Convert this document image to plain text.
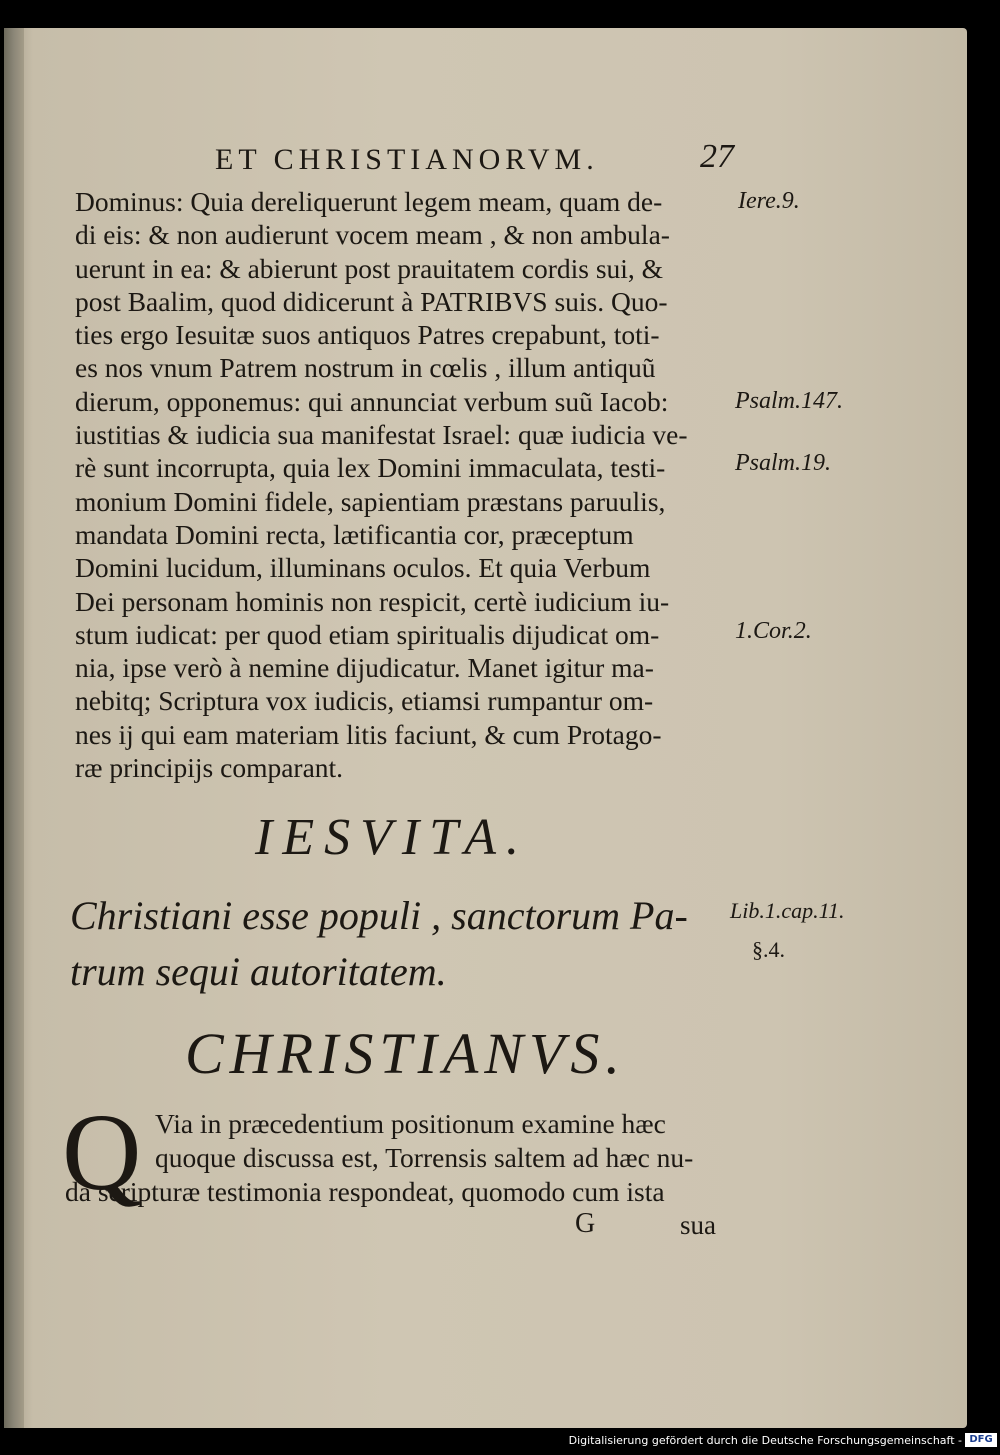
ET CHRISTIANORVM.	27
Dominus: Quia dereliquerunt legem meam, quam de-
di eis: & non audierunt vocem meam , & non ambula-
uerunt in ea: & abierunt post prauitatem cordis sui, &
post Baalim, quod didicerunt à PATRIBVS suis. Quo-
ties ergo Iesuitæ suos antiquos Patres crepabunt, toti-
es nos vnum Patrem nostrum in cœlis , illum antiquũ
dierum, opponemus: qui annunciat verbum suũ Iacob:
iustitias & iudicia sua manifestat Israel: quæ iudicia ve-
rè sunt incorrupta, quia lex Domini immaculata, testi-
monium Domini fidele, sapientiam præstans paruulis,
mandata Domini recta, lætificantia cor, præceptum
Domini lucidum, illuminans oculos. Et quia Verbum
Dei personam hominis non respicit, certè iudicium iu-
stum iudicat: per quod etiam spiritualis dijudicat om-
nia, ipse verò à nemine dijudicatur. Manet igitur ma-
nebitq; Scriptura vox iudicis, etiamsi rumpantur om-
nes ij qui eam materiam litis faciunt, & cum Protago-
ræ principijs comparant.
Iere.9.
Psalm.147.
Psalm.19.
1.Cor.2.
IESVITA.
Christiani esse populi , sanctorum Pa-
trum sequi autoritatem.
Lib.1.cap.11.
§.4.
CHRISTIANVS.
Q Via in præcedentium positionum examine hæc
quoque discussa est, Torrensis saltem ad hæc nu-
da scripturæ testimonia respondeat, quomodo cum ista
G	sua
Digitalisierung gefördert durch die Deutsche Forschungsgemeinschaft - DFG
